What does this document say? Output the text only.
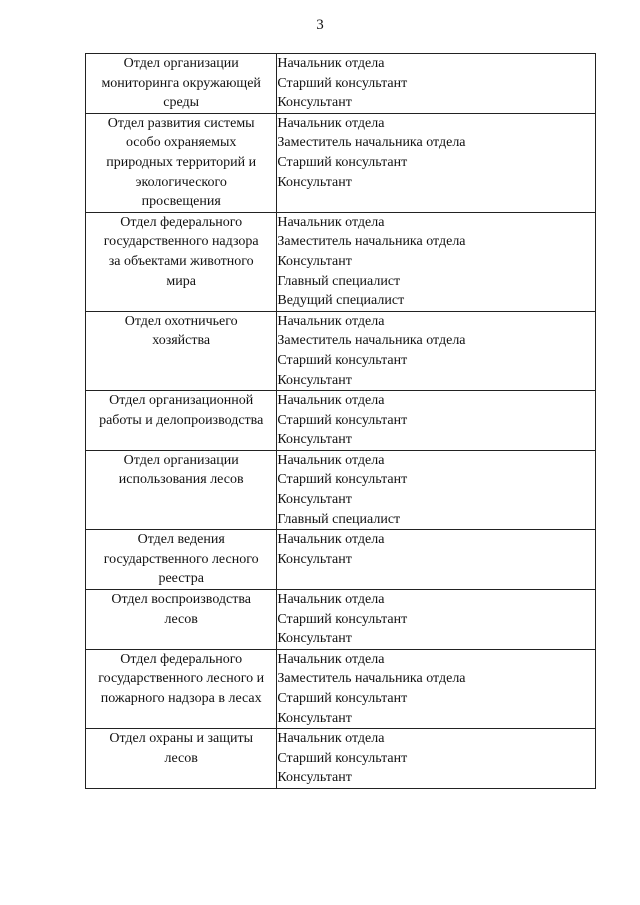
3
Отдел организации
мониторинга окружающей
среды	Начальник отдела
Старший консультант
Консультант

Отдел развития системы
особо охраняемых
природных территорий и
экологического
просвещения	Начальник отдела
Заместитель начальника отдела
Старший консультант
Консультант

Отдел федерального
государственного надзора
за объектами животного
мира	Начальник отдела
Заместитель начальника отдела
Консультант
Главный специалист
Ведущий специалист

Отдел охотничьего
хозяйства	Начальник отдела
Заместитель начальника отдела
Старший консультант
Консультант

Отдел организационной
работы и делопроизводства	Начальник отдела
Старший консультант
Консультант

Отдел организации
использования лесов	Начальник отдела
Старший консультант
Консультант
Главный специалист

Отдел ведения
государственного лесного
реестра	Начальник отдела
Консультант

Отдел воспроизводства
лесов	Начальник отдела
Старший консультант
Консультант

Отдел федерального
государственного лесного и
пожарного надзора в лесах	Начальник отдела
Заместитель начальника отдела
Старший консультант
Консультант

Отдел охраны и защиты
лесов	Начальник отдела
Старший консультант
Консультант
